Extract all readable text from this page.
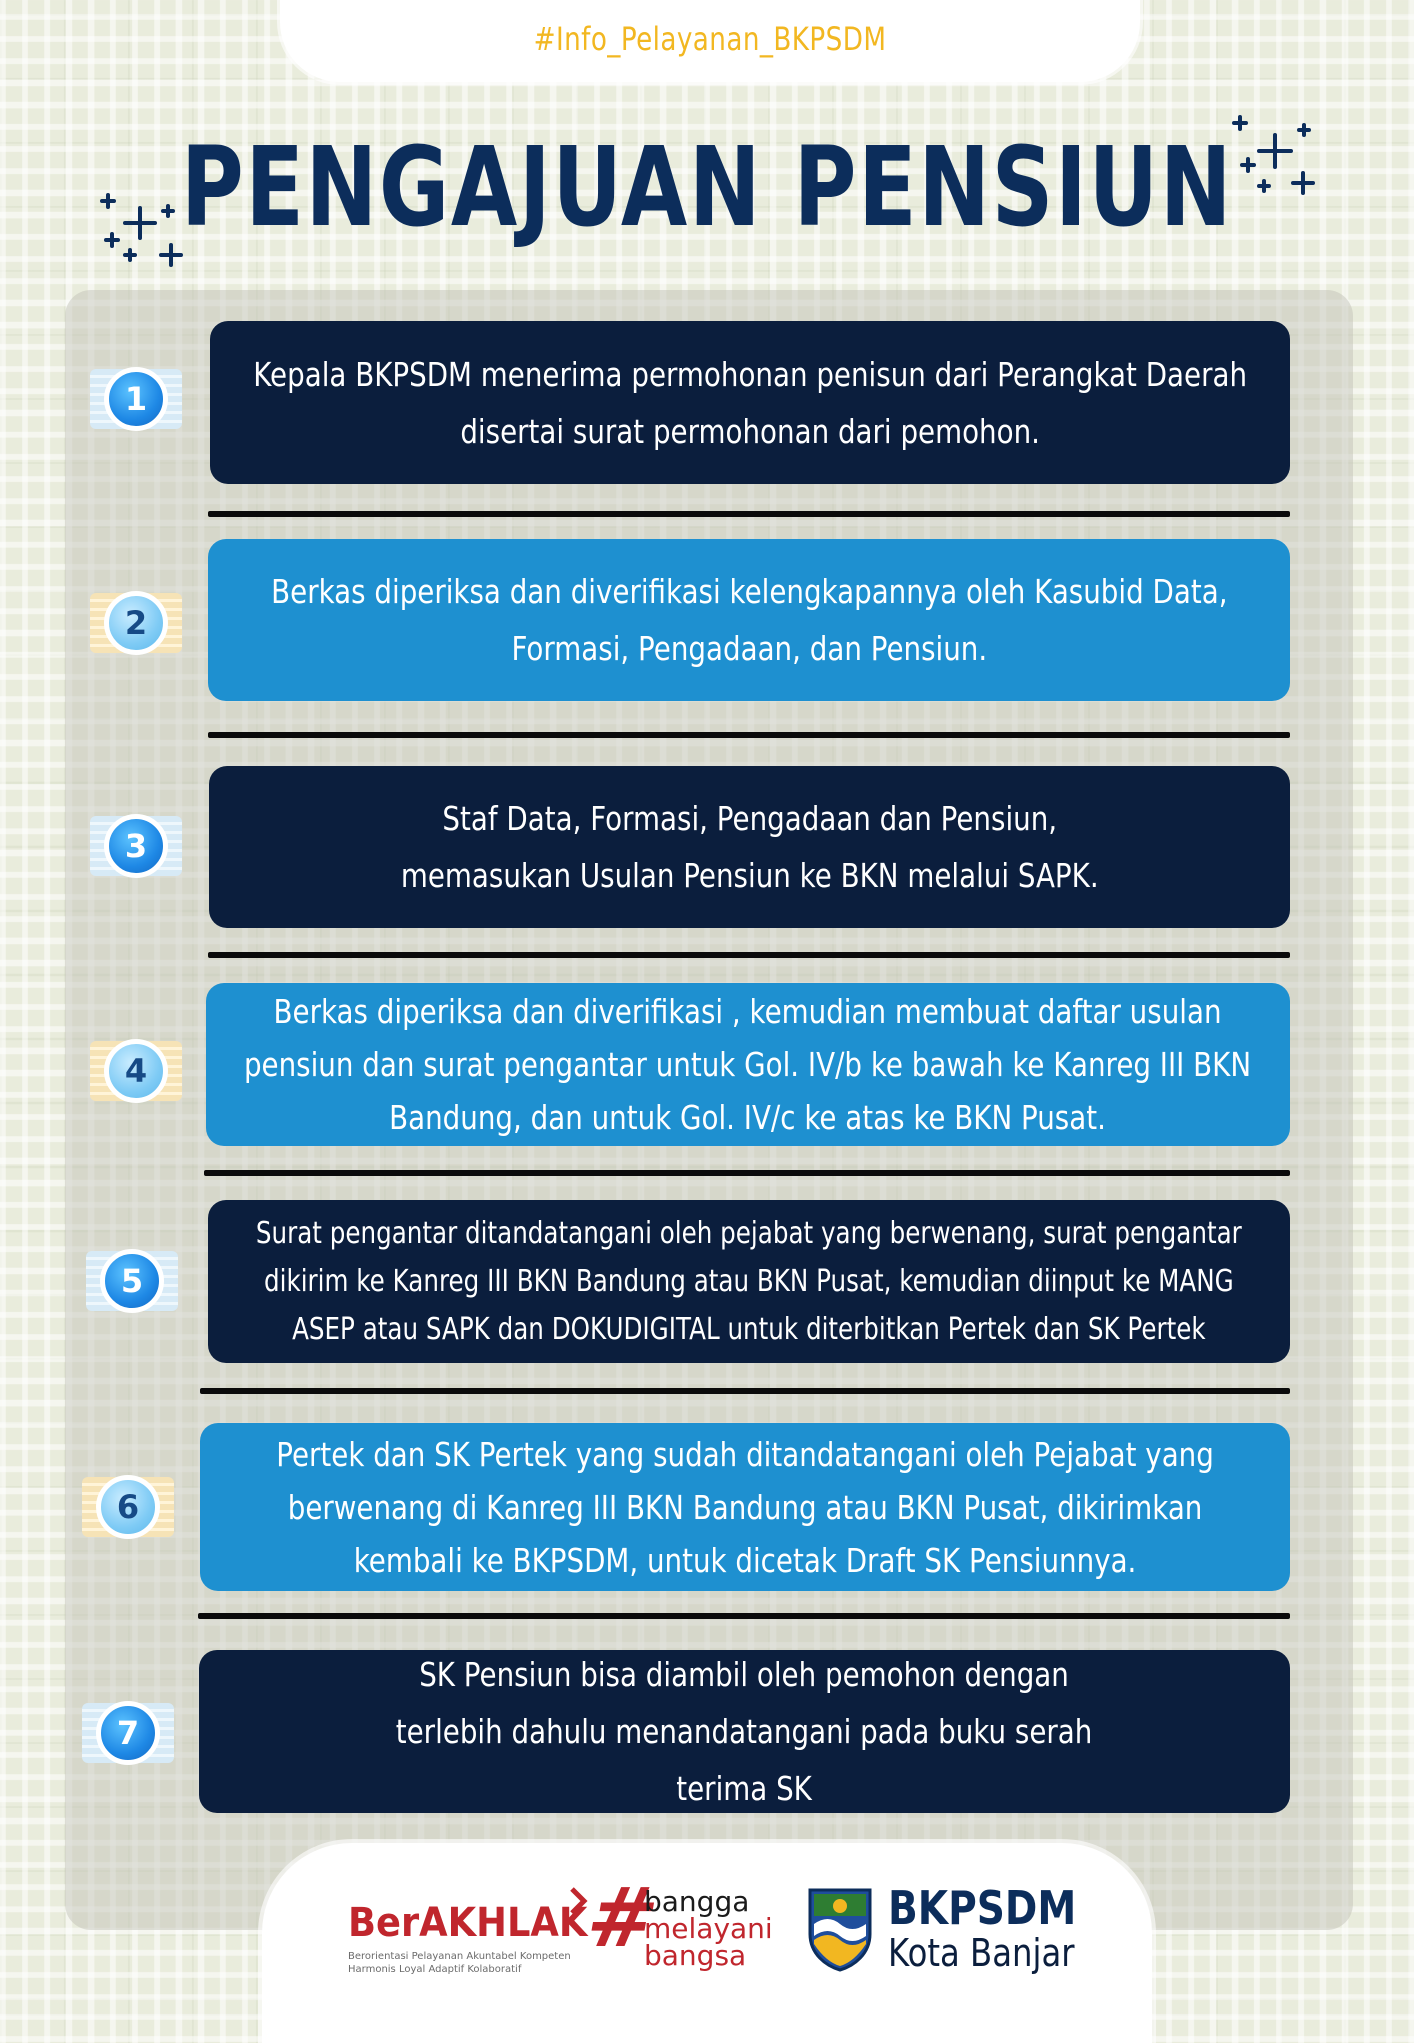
#Info_Pelayanan_BKPSDM
PENGAJUAN PENSIUN
1
Kepala BKPSDM menerima permohonan penisun dari Perangkat Daerah disertai surat permohonan dari pemohon.
2
Berkas diperiksa dan diverifikasi kelengkapannya oleh Kasubid Data, Formasi, Pengadaan, dan Pensiun.
3
Staf Data, Formasi, Pengadaan dan Pensiun, memasukan Usulan Pensiun ke BKN melalui SAPK.
4
Berkas diperiksa dan diverifikasi , kemudian membuat daftar usulan pensiun dan surat pengantar untuk Gol. IV/b ke bawah ke Kanreg III BKN Bandung, dan untuk Gol. IV/c ke atas ke BKN Pusat.
5
Surat pengantar ditandatangani oleh pejabat yang berwenang, surat pengantar dikirim ke Kanreg III BKN Bandung atau BKN Pusat, kemudian diinput ke MANG ASEP atau SAPK dan DOKUDIGITAL untuk diterbitkan Pertek dan SK Pertek
6
Pertek dan SK Pertek yang sudah ditandatangani oleh Pejabat yang berwenang di Kanreg III BKN Bandung atau BKN Pusat, dikirimkan kembali ke BKPSDM, untuk dicetak Draft SK Pensiunnya.
7
SK Pensiun bisa diambil oleh pemohon dengan terlebih dahulu menandatangani pada buku serah terima SK
BerAKHLAK
Berorientasi Pelayanan Akuntabel Kompeten Harmonis Loyal Adaptif Kolaboratif
#
bangga
melayani
bangsa
BKPSDM
Kota Banjar
